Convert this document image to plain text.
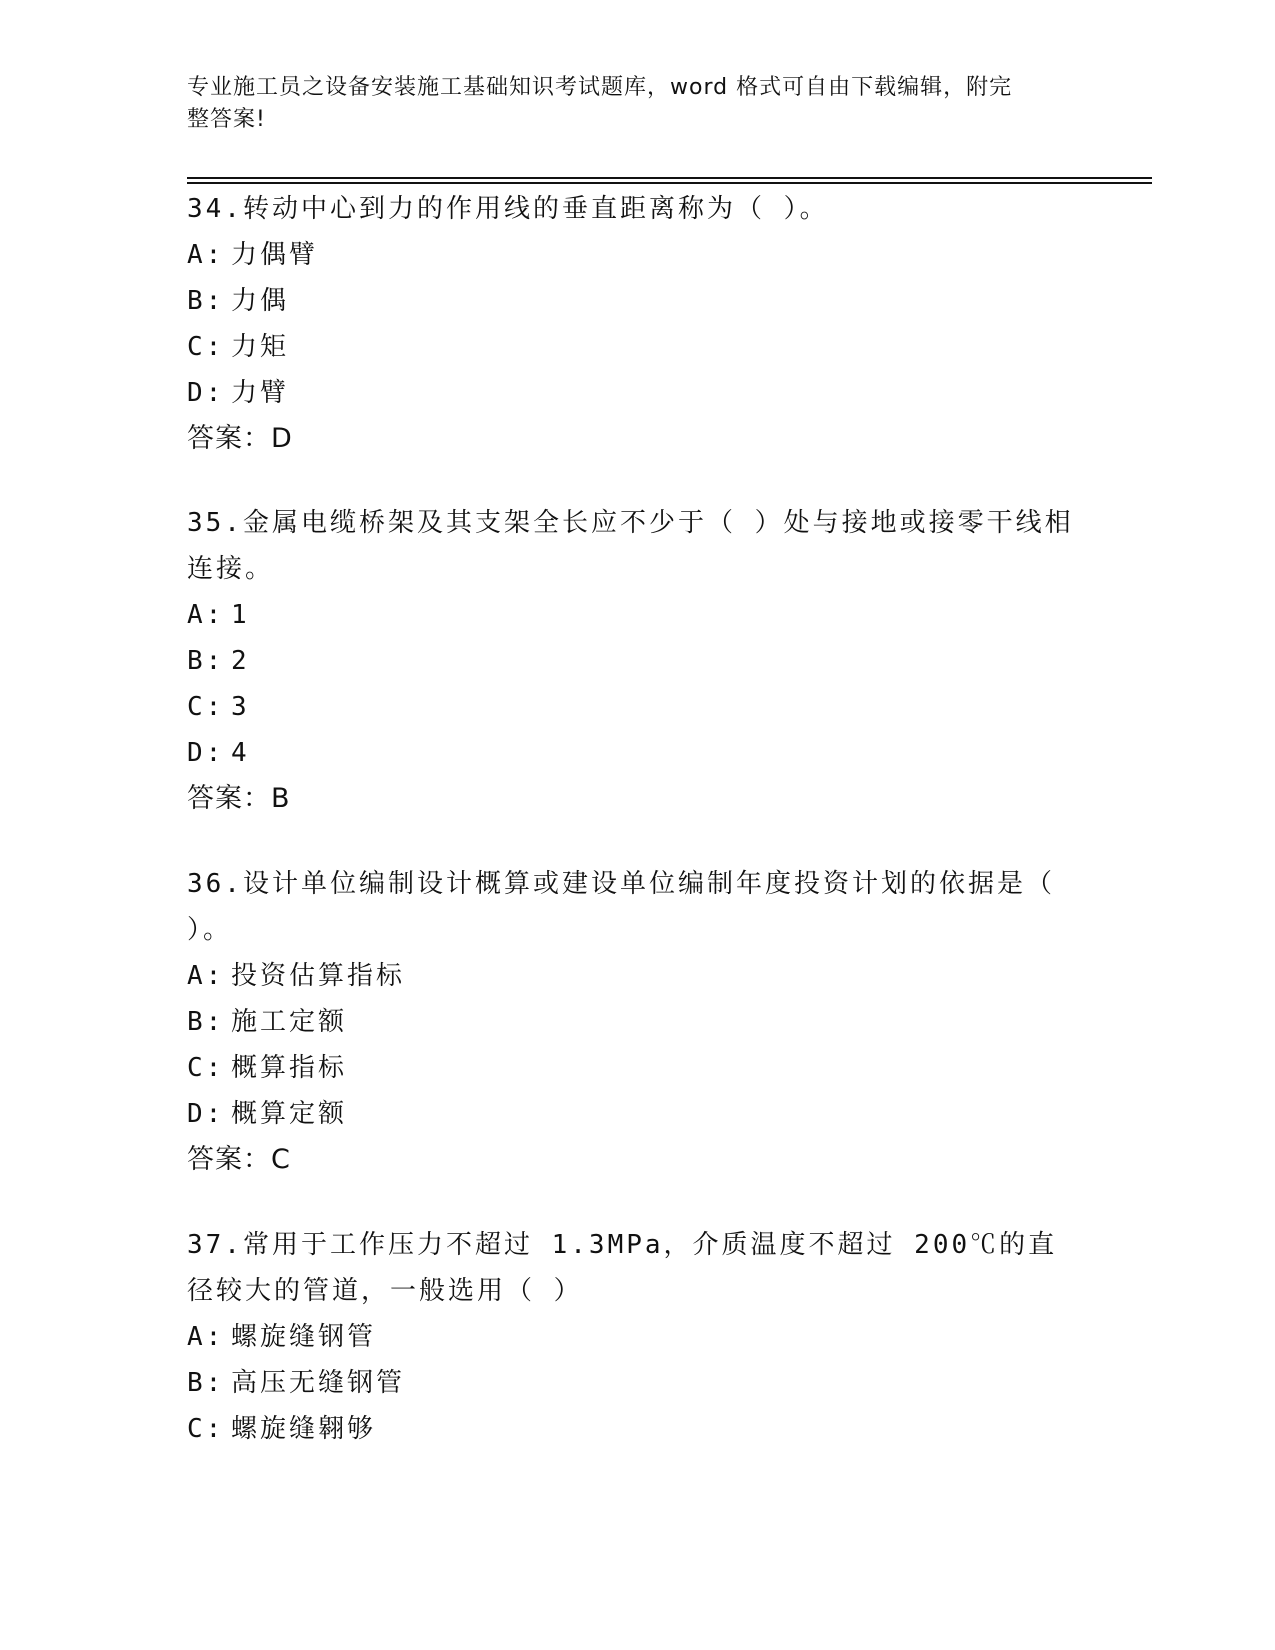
专业施工员之设备安装施工基础知识考试题库，word 格式可自由下载编辑，附完
整答案!

34.转动中心到力的作用线的垂直距离称为（ ）。

A: 力偶臂

B: 力偶

C: 力矩

D: 力臂

答案：D

35.金属电缆桥架及其支架全长应不少于（ ）处与接地或接零干线相连接。

A: 1

B: 2

C: 3

D: 4

答案：B

36.设计单位编制设计概算或建设单位编制年度投资计划的依据是（ ）。

A: 投资估算指标

B: 施工定额

C: 概算指标

D: 概算定额

答案：C

37.常用于工作压力不超过 1.3MPa，介质温度不超过 200℃的直径较大的管道，一般选用（ ）

A: 螺旋缝钢管

B: 高压无缝钢管

C: 螺旋缝翱够
